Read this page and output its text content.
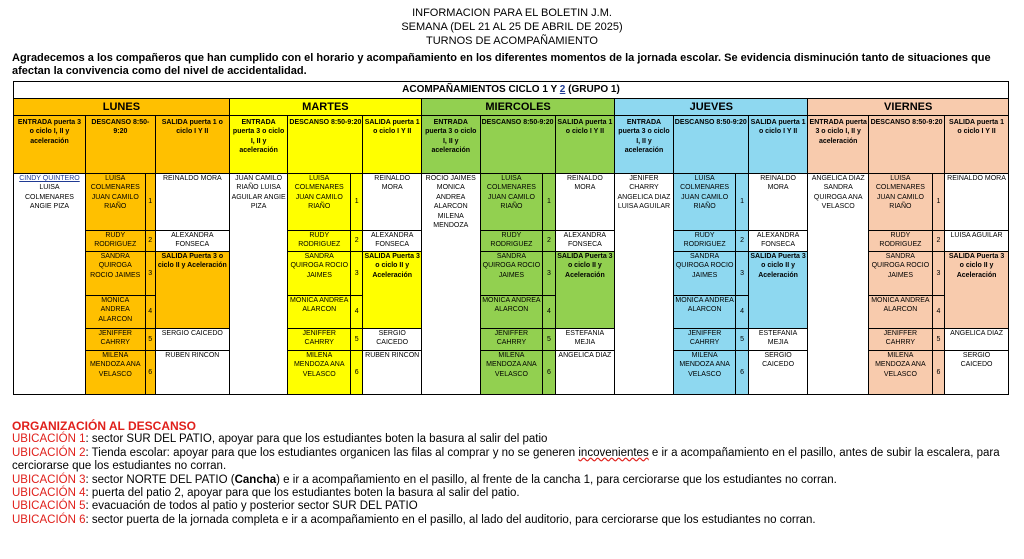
INFORMACION PARA EL BOLETIN J.M.
SEMANA (DEL 21 AL 25 DE ABRIL DE 2025)
TURNOS DE ACOMPAÑAMIENTO
Agradecemos a los compañeros que han cumplido con el horario y acompañamiento en los diferentes momentos de la jornada escolar. Se evidencia disminución tanto de situaciones que afectan la convivencia como del nivel de accidentalidad.
ACOMPAÑAMIENTOS CICLO 1 Y 2 (GRUPO 1)																			
LUNES				MARTES				MIERCOLES				JUEVES				VIERNES			
ENTRADA puerta 3 o ciclo I, II y aceleración	DESCANSO 8:50-9:20		SALIDA puerta 1 o ciclo I Y II	ENTRADA puerta 3 o ciclo I, II y aceleración	DESCANSO 8:50-9:20		SALIDA puerta 1 o ciclo I Y II	ENTRADA puerta 3 o ciclo I, II y aceleración	DESCANSO 8:50-9:20		SALIDA puerta 1 o ciclo I Y II	ENTRADA puerta 3 o ciclo I, II y aceleración	DESCANSO 8:50-9:20		SALIDA puerta 1 o ciclo I Y II	ENTRADA puerta 3 o ciclo I, II y aceleración	DESCANSO 8:50-9:20		SALIDA puerta 1 o ciclo I Y II

CINDY QUINTERO
LUISA COLMENARES
ANGIE PIZA	LUISA COLMENARES JUAN CAMILO RIAÑO	1	REINALDO MORA	JUAN CAMILO RIAÑO LUISA AGUILAR ANGIE PIZA	LUISA COLMENARES JUAN CAMILO RIAÑO	1	REINALDO MORA	ROCIO JAIMES MONICA ANDREA ALARCON MILENA MENDOZA	LUISA COLMENARES JUAN CAMILO RIAÑO	1	REINALDO MORA	JENIFER CHARRY ANGELICA DIAZ LUISA AGUILAR	LUISA COLMENARES JUAN CAMILO RIAÑO	1	REINALDO MORA	ANGELICA DIAZ SANDRA QUIROGA ANA VELASCO	LUISA COLMENARES JUAN CAMILO RIAÑO	1	REINALDO MORA
	RUDY RODRIGUEZ	2	ALEXANDRA FONSECA		RUDY RODRIGUEZ	2	ALEXANDRA FONSECA		RUDY RODRIGUEZ	2	ALEXANDRA FONSECA		RUDY RODRIGUEZ	2	ALEXANDRA FONSECA		RUDY RODRIGUEZ	2	LUISA AGUILAR
	SANDRA QUIROGA ROCIO JAIMES	3	SALIDA Puerta 3 o ciclo II y Aceleración		SANDRA QUIROGA ROCIO JAIMES	3	SALIDA Puerta 3 o ciclo II y Aceleración		SANDRA QUIROGA ROCIO JAIMES	3	SALIDA Puerta 3 o ciclo II y Aceleración		SANDRA QUIROGA ROCIO JAIMES	3	SALIDA Puerta 3 o ciclo II y Aceleración		SANDRA QUIROGA ROCIO JAIMES	3	SALIDA Puerta 3 o ciclo II y Aceleración
	MONICA ANDREA ALARCON	4			MONICA ANDREA ALARCON	4			MONICA ANDREA ALARCON	4			MONICA ANDREA ALARCON	4			MONICA ANDREA ALARCON	4	
	JENIFFER CAHRRY	5	SERGIO CAICEDO		JENIFFER CAHRRY	5	SERGIO CAICEDO		JENIFFER CAHRRY	5	ESTEFANIA MEJIA		JENIFFER CAHRRY	5	ESTEFANIA MEJIA		JENIFFER CAHRRY	5	ANGELICA DIAZ
	MILENA MENDOZA ANA VELASCO	6	RUBEN RINCON		MILENA MENDOZA ANA VELASCO	6	RUBEN RINCON		MILENA MENDOZA ANA VELASCO	6	ANGELICA DIAZ		MILENA MENDOZA ANA VELASCO	6	SERGIO CAICEDO		MILENA MENDOZA ANA VELASCO	6	SERGIO CAICEDO
ORGANIZACIÓN AL DESCANSO
UBICACIÓN 1: sector SUR DEL PATIO, apoyar para que los estudiantes boten la basura al salir del patio
UBICACIÓN 2: Tienda escolar: apoyar para que los estudiantes organicen las filas al comprar y no se generen incovenientes e ir a acompañamiento en el pasillo, antes de subir la escalera, para cerciorarse que los estudiantes no corran.
UBICACIÓN 3: sector NORTE DEL PATIO (Cancha) e ir a acompañamiento en el pasillo, al frente de la cancha 1, para cerciorarse que los estudiantes no corran.
UBICACIÓN 4: puerta del patio 2, apoyar para que los estudiantes boten la basura al salir del patio.
UBICACIÓN 5: evacuación de todos al patio y posterior sector SUR DEL PATIO
UBICACIÓN 6: sector puerta de la jornada completa e ir a acompañamiento en el pasillo, al lado del auditorio, para cerciorarse que los estudiantes no corran.
